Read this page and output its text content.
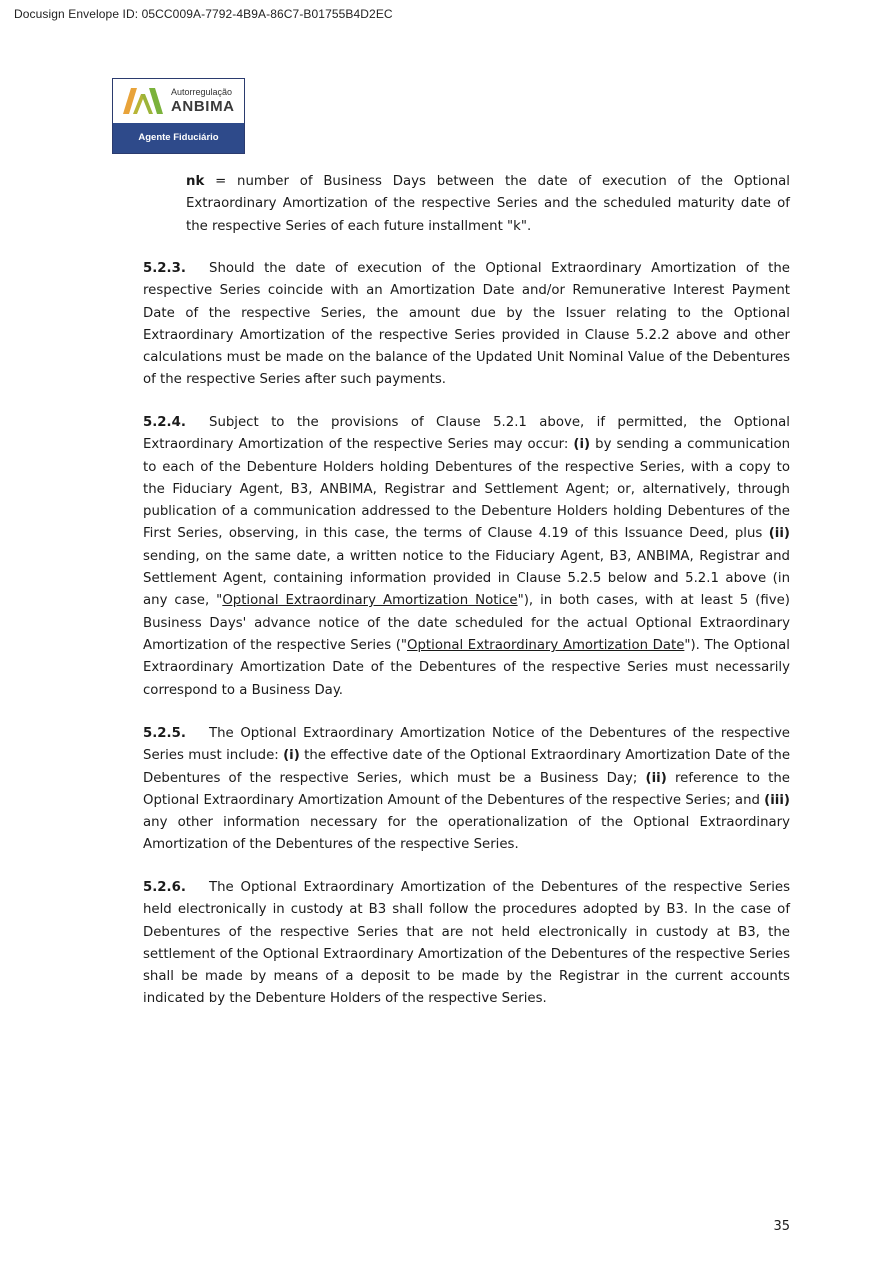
Docusign Envelope ID: 05CC009A-7792-4B9A-86C7-B01755B4D2EC
Autorregulação
ANBIMA
Agente Fiduciário

nk = number of Business Days between the date of execution of the Optional Extraordinary Amortization of the respective Series and the scheduled maturity date of the respective Series of each future installment "k".

5.2.3. Should the date of execution of the Optional Extraordinary Amortization of the respective Series coincide with an Amortization Date and/or Remunerative Interest Payment Date of the respective Series, the amount due by the Issuer relating to the Optional Extraordinary Amortization of the respective Series provided in Clause 5.2.2 above and other calculations must be made on the balance of the Updated Unit Nominal Value of the Debentures of the respective Series after such payments.

5.2.4. Subject to the provisions of Clause 5.2.1 above, if permitted, the Optional Extraordinary Amortization of the respective Series may occur: (i) by sending a communication to each of the Debenture Holders holding Debentures of the respective Series, with a copy to the Fiduciary Agent, B3, ANBIMA, Registrar and Settlement Agent; or, alternatively, through publication of a communication addressed to the Debenture Holders holding Debentures of the First Series, observing, in this case, the terms of Clause 4.19 of this Issuance Deed, plus (ii) sending, on the same date, a written notice to the Fiduciary Agent, B3, ANBIMA, Registrar and Settlement Agent, containing information provided in Clause 5.2.5 below and 5.2.1 above (in any case, "Optional Extraordinary Amortization Notice"), in both cases, with at least 5 (five) Business Days' advance notice of the date scheduled for the actual Optional Extraordinary Amortization of the respective Series ("Optional Extraordinary Amortization Date"). The Optional Extraordinary Amortization Date of the Debentures of the respective Series must necessarily correspond to a Business Day.

5.2.5. The Optional Extraordinary Amortization Notice of the Debentures of the respective Series must include: (i) the effective date of the Optional Extraordinary Amortization Date of the Debentures of the respective Series, which must be a Business Day; (ii) reference to the Optional Extraordinary Amortization Amount of the Debentures of the respective Series; and (iii) any other information necessary for the operationalization of the Optional Extraordinary Amortization of the Debentures of the respective Series.

5.2.6. The Optional Extraordinary Amortization of the Debentures of the respective Series held electronically in custody at B3 shall follow the procedures adopted by B3. In the case of Debentures of the respective Series that are not held electronically in custody at B3, the settlement of the Optional Extraordinary Amortization of the Debentures of the respective Series shall be made by means of a deposit to be made by the Registrar in the current accounts indicated by the Debenture Holders of the respective Series.

35
